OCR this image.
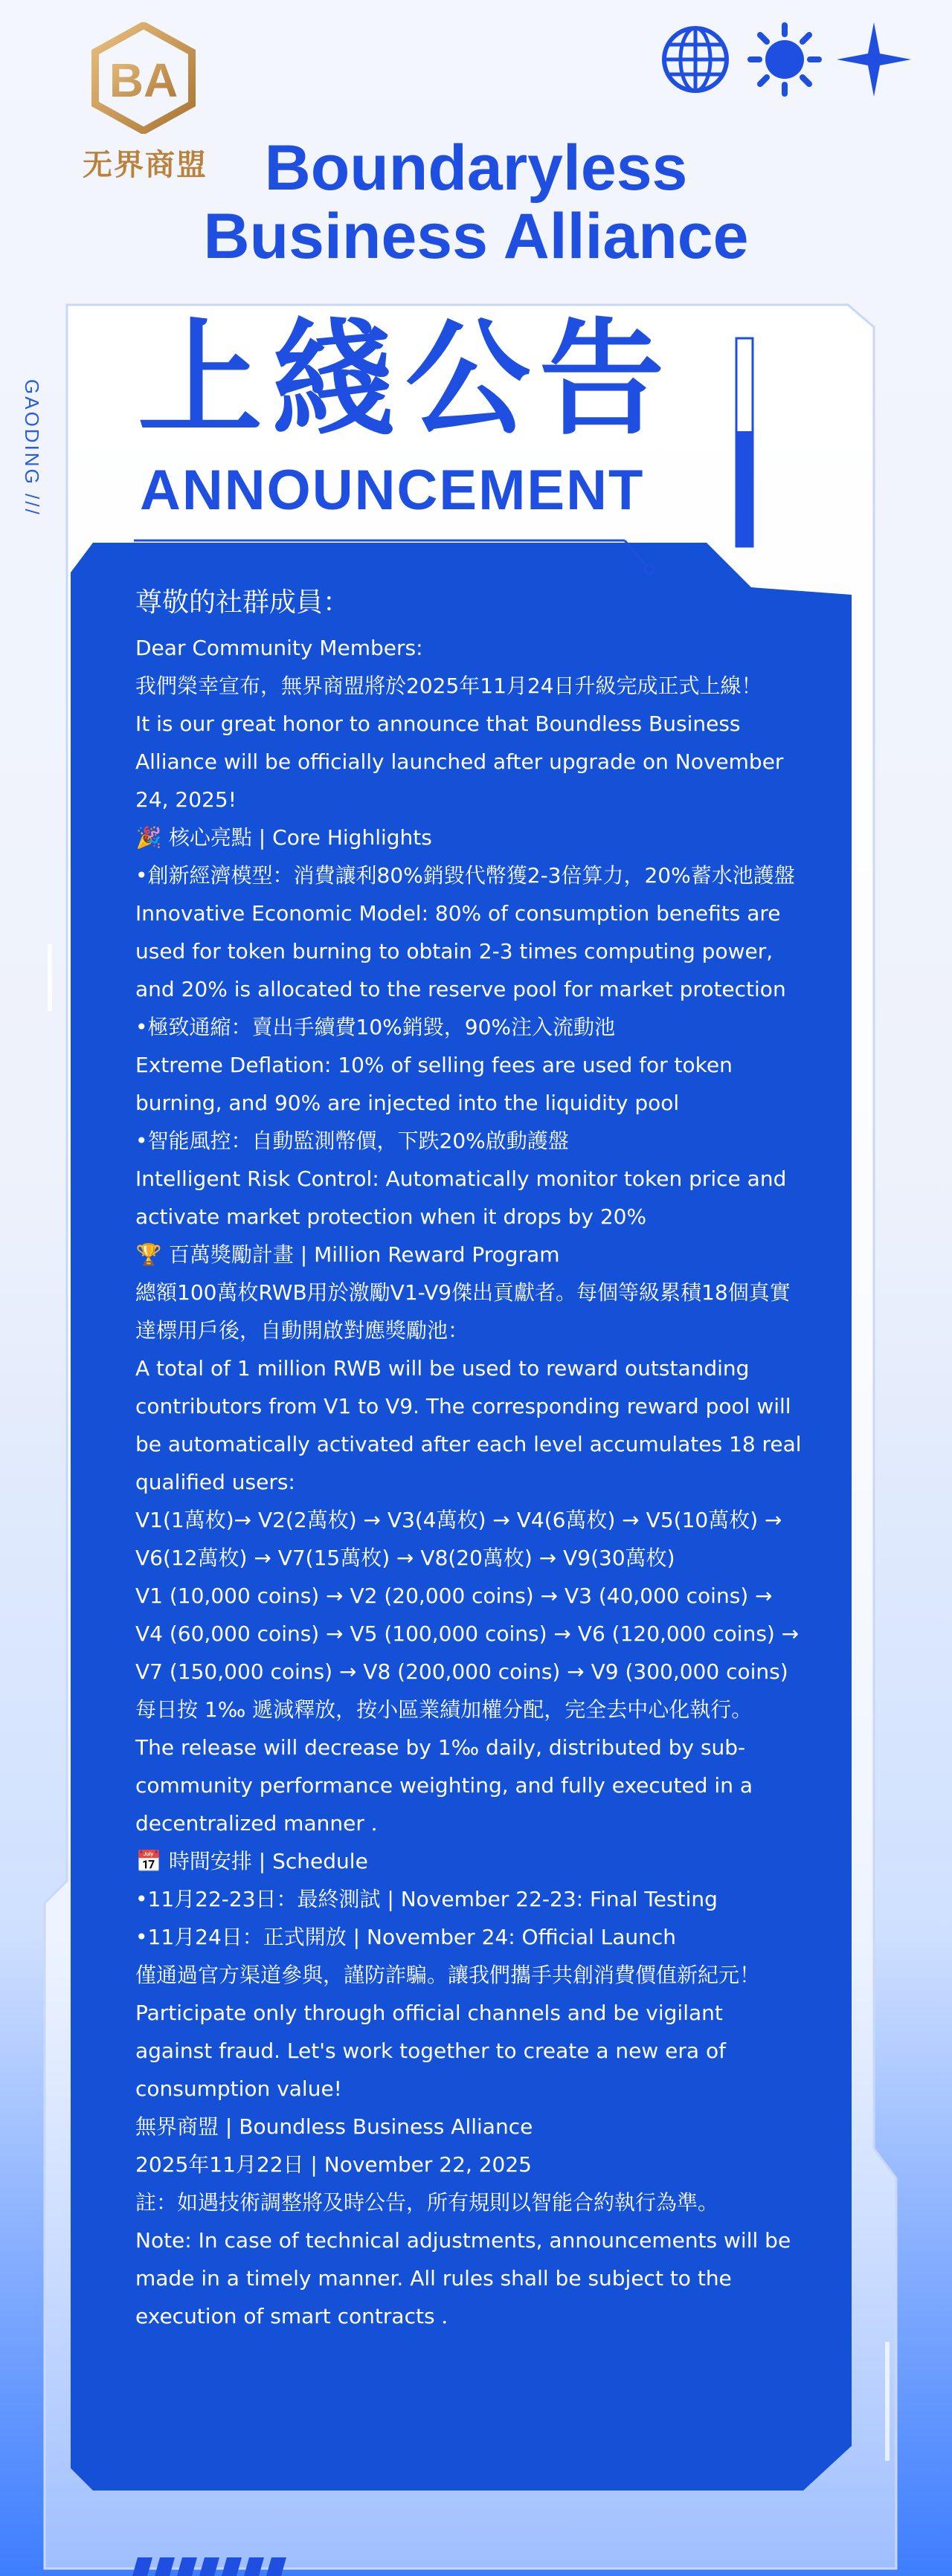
BA
无界商盟 Boundaryless
Business Alliance
GAODING /// 上綫公告
ANNOUNCEMENT

尊敬的社群成員：

Dear Community Members:

我們榮幸宣布，無界商盟將於2025年11月24日升級完成正式上線！

It is our great honor to announce that Boundless Business Alliance will be officially launched after upgrade on November 24, 2025!

🎉 核心亮點 | Core Highlights

•創新經濟模型：消費讓利80%銷毀代幣獲2-3倍算力，20%蓄水池護盤

Innovative Economic Model: 80% of consumption benefits are used for token burning to obtain 2-3 times computing power, and 20% is allocated to the reserve pool for market protection

•極致通縮：賣出手續費10%銷毀，90%注入流動池

Extreme Deflation: 10% of selling fees are used for token burning, and 90% are injected into the liquidity pool

•智能風控：自動監測幣價，下跌20%啟動護盤

Intelligent Risk Control: Automatically monitor token price and activate market protection when it drops by 20%

🏆 百萬獎勵計畫 | Million Reward Program

總額100萬枚RWB用於激勵V1-V9傑出貢獻者。每個等級累積18個真實達標用戶後，自動開啟對應獎勵池：

A total of 1 million RWB will be used to reward outstanding contributors from V1 to V9. The corresponding reward pool will be automatically activated after each level accumulates 18 real qualified users:

V1(1萬枚)→ V2(2萬枚) → V3(4萬枚) → V4(6萬枚) → V5(10萬枚) → V6(12萬枚) → V7(15萬枚) → V8(20萬枚) → V9(30萬枚)

V1 (10,000 coins) → V2 (20,000 coins) → V3 (40,000 coins) → V4 (60,000 coins) → V5 (100,000 coins) → V6 (120,000 coins) → V7 (150,000 coins) → V8 (200,000 coins) → V9 (300,000 coins)

每日按 1‰ 遞減釋放，按小區業績加權分配，完全去中心化執行。

The release will decrease by 1‰ daily, distributed by sub-community performance weighting, and fully executed in a decentralized manner ．

📅 時間安排 | Schedule

•11月22-23日：最終測試 | November 22-23: Final Testing

•11月24日：正式開放 | November 24: Official Launch

僅通過官方渠道參與，謹防詐騙。讓我們攜手共創消費價值新紀元！

Participate only through official channels and be vigilant against fraud. Let's work together to create a new era of consumption value!

無界商盟 | Boundless Business Alliance

2025年11月22日 | November 22, 2025

註：如遇技術調整將及時公告，所有規則以智能合約執行為準。

Note: In case of technical adjustments, announcements will be made in a timely manner. All rules shall be subject to the execution of smart contracts ．
